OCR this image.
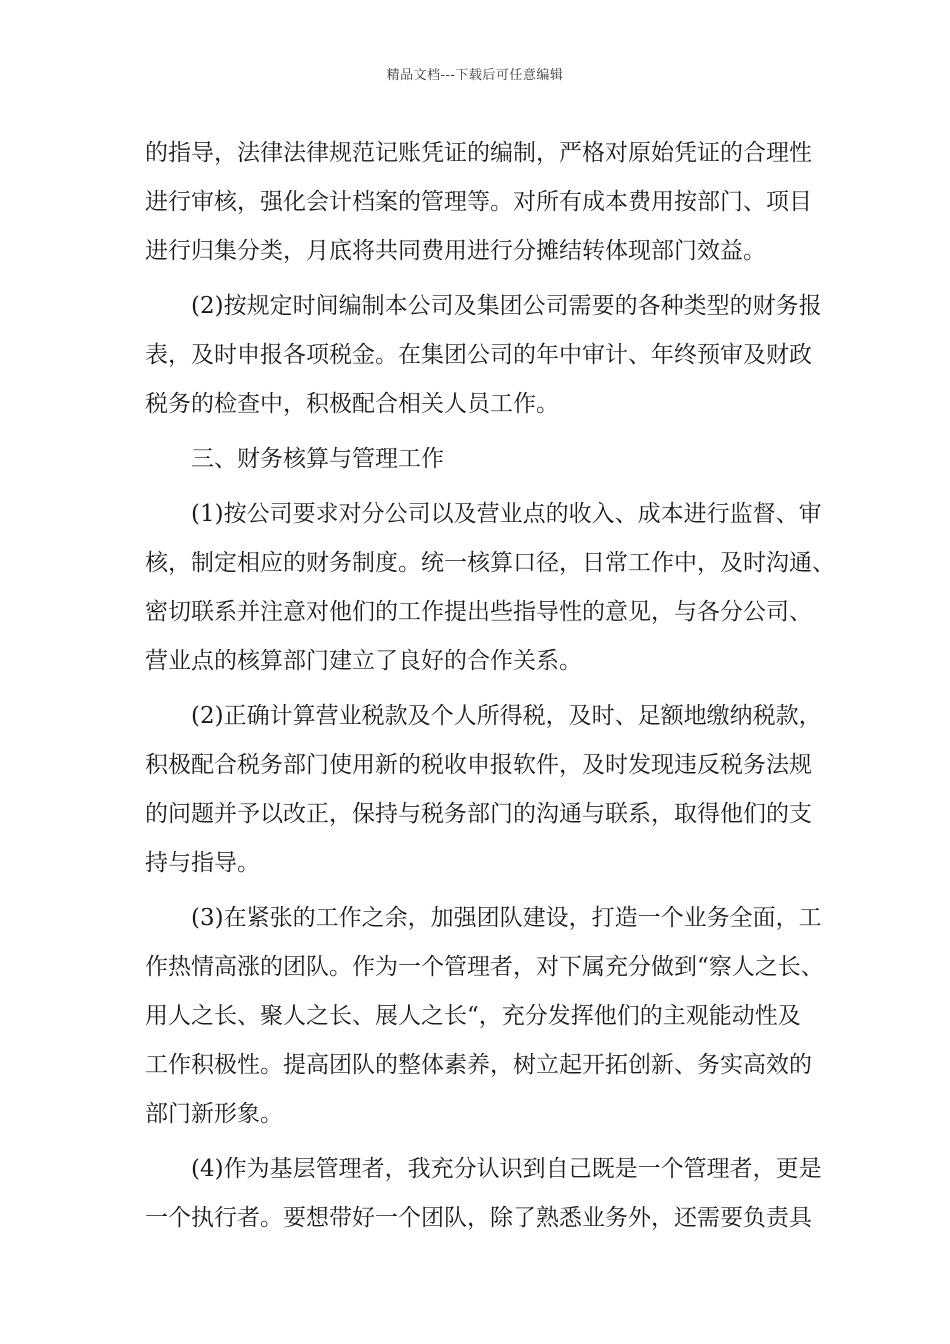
精品文档---下载后可任意编辑

的指导，法律法律规范记账凭证的编制，严格对原始凭证的合理性
进行审核，强化会计档案的管理等。对所有成本费用按部门、项目
进行归集分类，月底将共同费用进行分摊结转体现部门效益。

(2)按规定时间编制本公司及集团公司需要的各种类型的财务报
表，及时申报各项税金。在集团公司的年中审计、年终预审及财政
税务的检查中，积极配合相关人员工作。

三、财务核算与管理工作

(1)按公司要求对分公司以及营业点的收入、成本进行监督、审
核，制定相应的财务制度。统一核算口径，日常工作中，及时沟通、
密切联系并注意对他们的工作提出些指导性的意见，与各分公司、
营业点的核算部门建立了良好的合作关系。

(2)正确计算营业税款及个人所得税，及时、足额地缴纳税款，
积极配合税务部门使用新的税收申报软件，及时发现违反税务法规
的问题并予以改正，保持与税务部门的沟通与联系，取得他们的支
持与指导。

(3)在紧张的工作之余，加强团队建设，打造一个业务全面，工
作热情高涨的团队。作为一个管理者，对下属充分做到“察人之长、
用人之长、聚人之长、展人之长“，充分发挥他们的主观能动性及
工作积极性。提高团队的整体素养，树立起开拓创新、务实高效的
部门新形象。

(4)作为基层管理者，我充分认识到自己既是一个管理者，更是
一个执行者。要想带好一个团队，除了熟悉业务外，还需要负责具
